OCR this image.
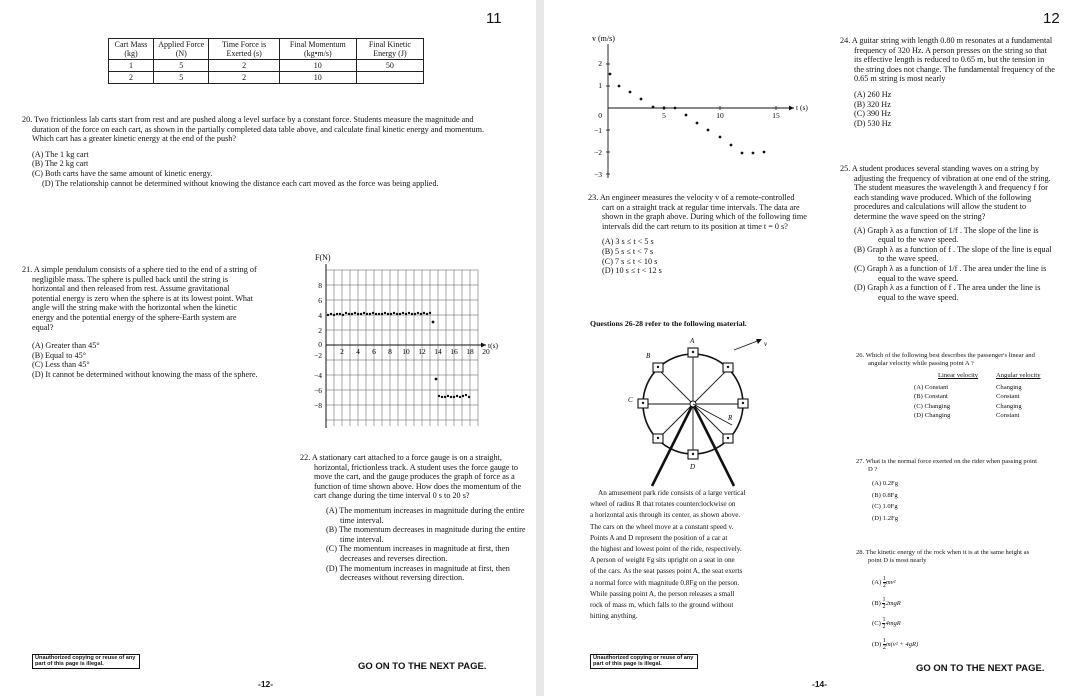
11
Cart Mass (kg)	Applied Force (N)	Time Force is Exerted (s)	Final Momentum (kg•m/s)	Final Kinetic Energy (J)
1	5	2	10	50
2	5	2	10	

20. Two frictionless lab carts start from rest and are pushed along a level surface by a constant force. Students measure the magnitude and duration of the force on each cart, as shown in the partially completed data table above, and calculate final kinetic energy and momentum. Which cart has a greater kinetic energy at the end of the push?

(A) The 1 kg cart

(B) The 2 kg cart

(C) Both carts have the same amount of kinetic energy.

(D) The relationship cannot be determined without knowing the distance each cart moved as the force was being applied.

21. A simple pendulum consists of a sphere tied to the end of a string of negligible mass. The sphere is pulled back until the string is horizontal and then released from rest. Assume gravitational potential energy is zero when the sphere is at its lowest point. What angle will the string make with the horizontal when the kinetic energy and the potential energy of the sphere-Earth system are equal?

(A) Greater than 45°

(B) Equal to 45°

(C) Less than 45°

(D) It cannot be determined without knowing the mass of the sphere.

F(N)
t(s)
8
6
4
2
0
−2
−4
−6
−8
2 4 6 8 10 12 14 16 18 20

22. A stationary cart attached to a force gauge is on a straight, horizontal, frictionless track. A student uses the force gauge to move the cart, and the gauge produces the graph of force as a function of time shown above. How does the momentum of the cart change during the time interval 0 s to 20 s?

(A) The momentum increases in magnitude during the entire time interval.

(B) The momentum decreases in magnitude during the entire time interval.

(C) The momentum increases in magnitude at first, then decreases and reverses direction.

(D) The momentum increases in magnitude at first, then decreases without reversing direction.

Unauthorized copying or reuse of any part of this page is illegal.	GO ON TO THE NEXT PAGE.
-12-
12
v (m/s)
t (s)
2
1
0
−1
−2
−3
5	10	15

23. An engineer measures the velocity v of a remote-controlled cart on a straight track at regular time intervals. The data are shown in the graph above. During which of the following time intervals did the cart return to its position at time t = 0 s?

(A) 3 s ≤ t < 5 s

(B) 5 s ≤ t < 7 s

(C) 7 s ≤ t < 10 s

(D) 10 s ≤ t < 12 s

Questions 26-28 refer to the following material.
A
B
C
D
R
v

An amusement park ride consists of a large vertical

wheel of radius R that rotates counterclockwise on

a horizontal axis through its center, as shown above.

The cars on the wheel move at a constant speed v.

Points A and D represent the position of a car at

the highest and lowest point of the ride, respectively.

A person of weight Fg sits upright on a seat in one

of the cars. As the seat passes point A, the seat exerts

a normal force with magnitude 0.8Fg on the person.

While passing point A, the person releases a small

rock of mass m, which falls to the ground without

hitting anything.

24. A guitar string with length 0.80 m resonates at a fundamental frequency of 320 Hz. A person presses on the string so that its effective length is reduced to 0.65 m, but the tension in the string does not change. The fundamental frequency of the 0.65 m string is most nearly

(A) 260 Hz

(B) 320 Hz

(C) 390 Hz

(D) 530 Hz

25. A student produces several standing waves on a string by adjusting the frequency of vibration at one end of the string. The student measures the wavelength λ and frequency f for each standing wave produced. Which of the following procedures and calculations will allow the student to determine the wave speed on the string?

(A) Graph λ as a function of 1/f . The slope of the line is equal to the wave speed.

(B) Graph λ as a function of f . The slope of the line is equal to the wave speed.

(C) Graph λ as a function of 1/f . The area under the line is equal to the wave speed.

(D) Graph λ as a function of f . The area under the line is equal to the wave speed.

26. Which of the following best describes the passenger's linear and angular velocity while passing point A ?

Linear velocity	Angular velocity
(A) Constant	Changing
(B) Constant	Constant
(C) Changing	Changing
(D) Changing	Constant

27. What is the normal force exerted on the rider when passing point D ?

(A) 0.2Fg

(B) 0.8Fg

(C) 1.0Fg

(D) 1.2Fg

28. The kinetic energy of the rock when it is at the same height as point D is most nearly

$(A) \frac{1}{2} mv^2$

$(B) \frac{1}{2} 2mgR$

$(C) \frac{1}{2} 4mgR$

$(D) \frac{1}{2} m(v^2 + 4gR)$

Unauthorized copying or reuse of any part of this page is illegal.	GO ON TO THE NEXT PAGE.
-14-
